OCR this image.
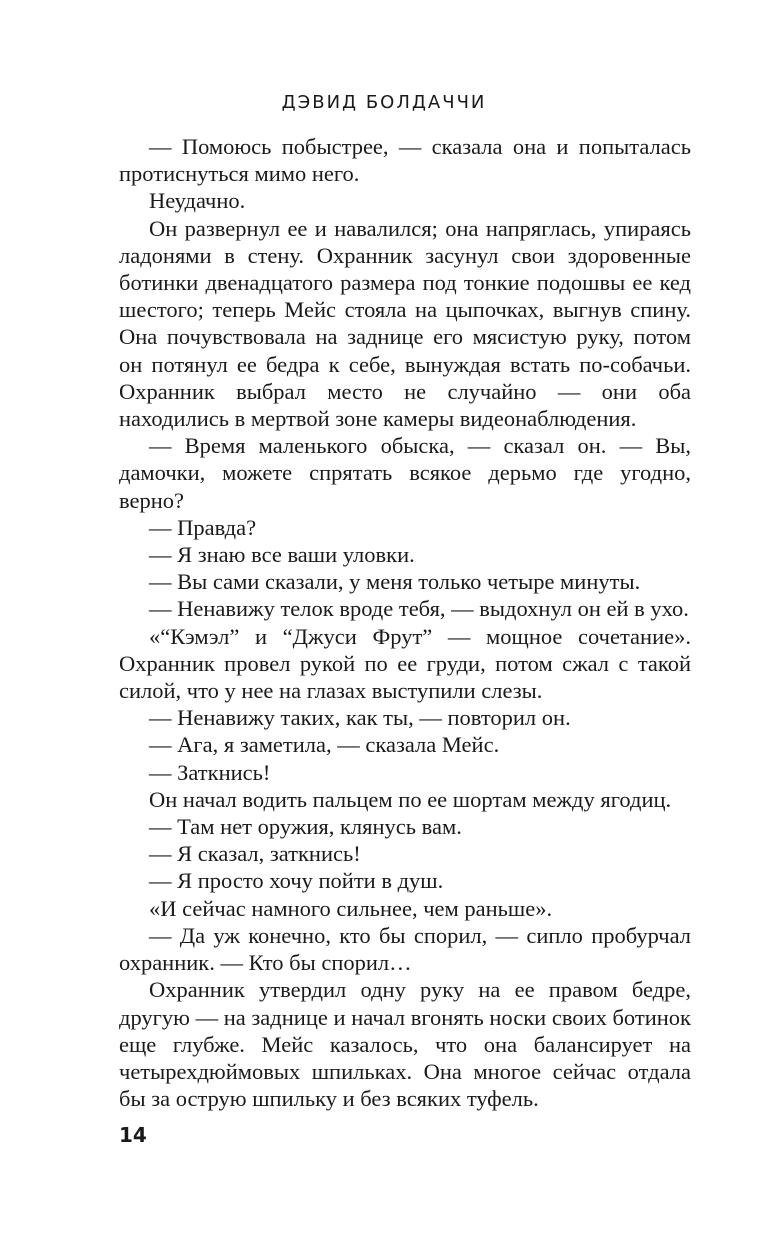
ДЭВИД БОЛДАЧЧИ

— Помоюсь побыстрее, — сказала она и попыталась протиснуться мимо него.

Неудачно.

Он развернул ее и навалился; она напряглась, упираясь ладонями в стену. Охранник засунул свои здоровенные ботинки двенадцатого размера под тонкие подошвы ее кед шестого; теперь Мейс стояла на цыпочках, выгнув спину. Она почувствовала на заднице его мясистую руку, потом он потянул ее бедра к себе, вынуждая встать по-собачьи. Охранник выбрал место не случайно — они оба находились в мертвой зоне камеры видеонаблюдения.

— Время маленького обыска, — сказал он. — Вы, дамочки, можете спрятать всякое дерьмо где угодно, верно?

— Правда?

— Я знаю все ваши уловки.

— Вы сами сказали, у меня только четыре минуты.

— Ненавижу телок вроде тебя, — выдохнул он ей в ухо.

«“Кэмэл” и “Джуси Фрут” — мощное сочетание». Охранник провел рукой по ее груди, потом сжал с такой силой, что у нее на глазах выступили слезы.

— Ненавижу таких, как ты, — повторил он.

— Ага, я заметила, — сказала Мейс.

— Заткнись!

Он начал водить пальцем по ее шортам между ягодиц.

— Там нет оружия, клянусь вам.

— Я сказал, заткнись!

— Я просто хочу пойти в душ.

«И сейчас намного сильнее, чем раньше».

— Да уж конечно, кто бы спорил, — сипло пробурчал охранник. — Кто бы спорил…

Охранник утвердил одну руку на ее правом бедре, другую — на заднице и начал вгонять носки своих ботинок еще глубже. Мейс казалось, что она балансирует на четырехдюймовых шпильках. Она многое сейчас отдала бы за острую шпильку и без всяких туфель.

14
